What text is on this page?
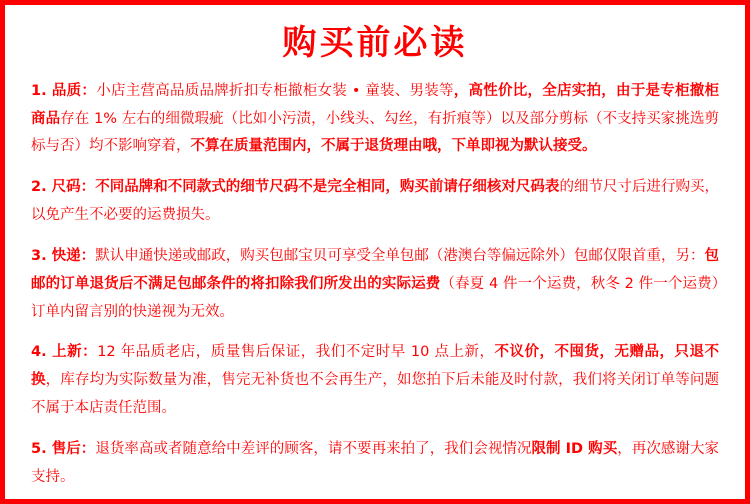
购买前必读

1. 品质：小店主营高品质品牌折扣专柜撤柜女装 • 童装、男装等，高性价比，全店实拍，由于是专柜撤柜商品存在 1% 左右的细微瑕疵（比如小污渍，小线头、勾丝，有折痕等）以及部分剪标（不支持买家挑选剪标与否）均不影响穿着，不算在质量范围内，不属于退货理由哦，下单即视为默认接受。

2. 尺码：不同品牌和不同款式的细节尺码不是完全相同，购买前请仔细核对尺码表的细节尺寸后进行购买，以免产生不必要的运费损失。

3. 快递：默认申通快递或邮政，购买包邮宝贝可享受全单包邮（港澳台等偏远除外）包邮仅限首重，另：包邮的订单退货后不满足包邮条件的将扣除我们所发出的实际运费（春夏 4 件一个运费，秋冬 2 件一个运费）订单内留言别的快递视为无效。

4. 上新：12 年品质老店，质量售后保证，我们不定时早 10 点上新，不议价，不囤货，无赠品，只退不换，库存均为实际数量为准，售完无补货也不会再生产，如您拍下后未能及时付款，我们将关闭订单等问题不属于本店责任范围。

5. 售后：退货率高或者随意给中差评的顾客，请不要再来拍了，我们会视情况限制 ID 购买，再次感谢大家支持。
